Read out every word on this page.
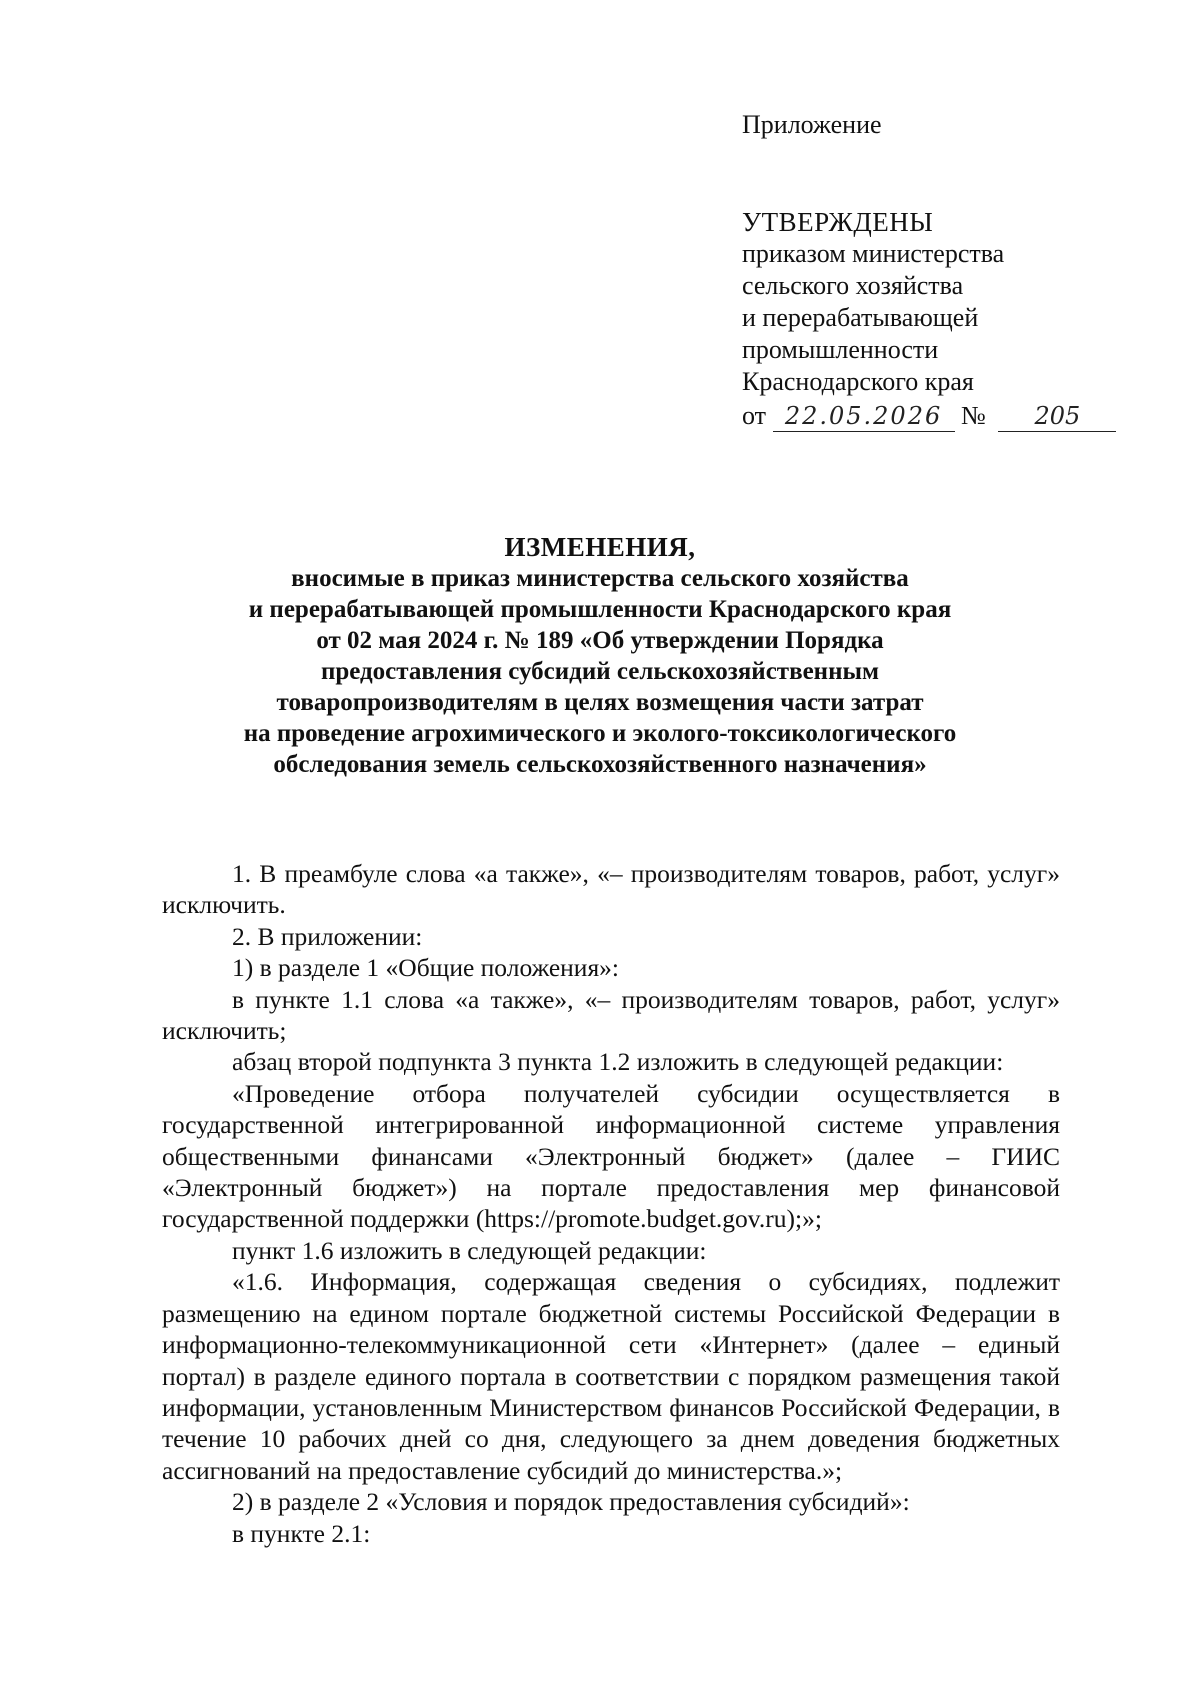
Приложение
УТВЕРЖДЕНЫ
приказом министерства
сельского хозяйства
и перерабатывающей
промышленности
Краснодарского края
от 22.05.2026 № 205
ИЗМЕНЕНИЯ,
вносимые в приказ министерства сельского хозяйства
и перерабатывающей промышленности Краснодарского края
от 02 мая 2024 г. № 189 «Об утверждении Порядка
предоставления субсидий сельскохозяйственным
товаропроизводителям в целях возмещения части затрат
на проведение агрохимического и эколого-токсикологического
обследования земель сельскохозяйственного назначения»

1. В преамбуле слова «а также», «– производителям товаров, работ, услуг» исключить.

2. В приложении:

1) в разделе 1 «Общие положения»:

в пункте 1.1 слова «а также», «– производителям товаров, работ, услуг» исключить;

абзац второй подпункта 3 пункта 1.2 изложить в следующей редакции:

«Проведение отбора получателей субсидии осуществляется в государственной интегрированной информационной системе управления общественными финансами «Электронный бюджет» (далее – ГИИС «Электронный бюджет») на портале предоставления мер финансовой государственной поддержки (https://promote.budget.gov.ru);»;

пункт 1.6 изложить в следующей редакции:

«1.6. Информация, содержащая сведения о субсидиях, подлежит размещению на едином портале бюджетной системы Российской Федерации в информационно-телекоммуникационной сети «Интернет» (далее – единый портал) в разделе единого портала в соответствии с порядком размещения такой информации, установленным Министерством финансов Российской Федерации, в течение 10 рабочих дней со дня, следующего за днем доведения бюджетных ассигнований на предоставление субсидий до министерства.»;

2) в разделе 2 «Условия и порядок предоставления субсидий»:

в пункте 2.1:
